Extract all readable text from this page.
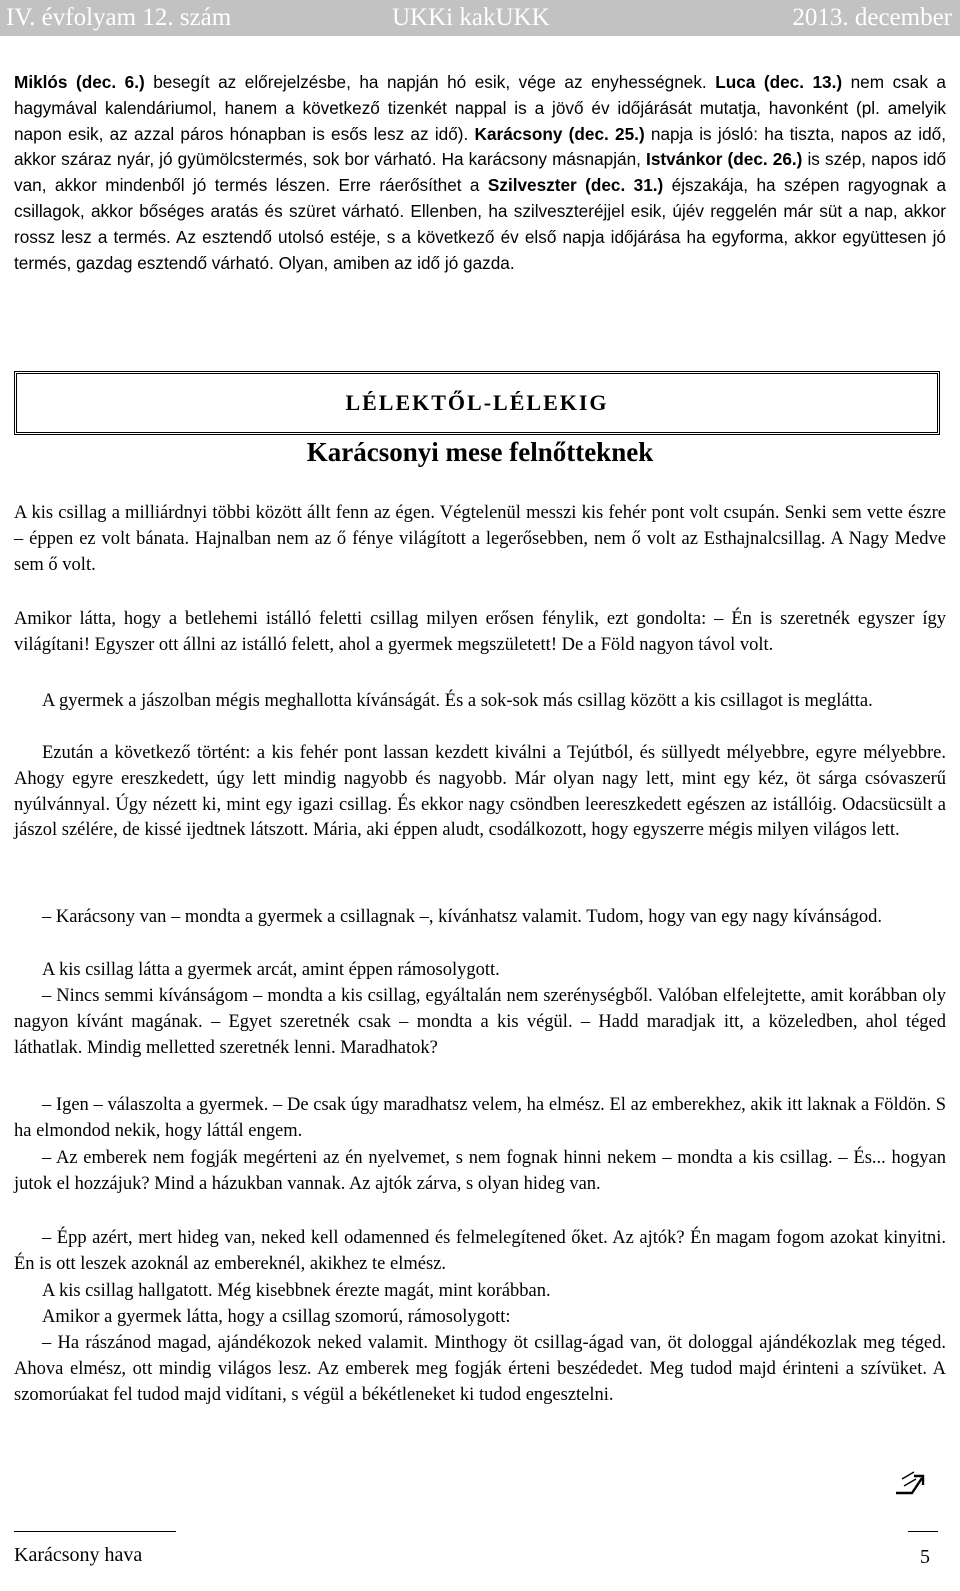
IV. évfolyam 12. szám	UKKi kakUKK	2013. december

Miklós (dec. 6.) besegít az előrejelzésbe, ha napján hó esik, vége az enyhességnek. Luca (dec. 13.) nem csak a hagymával kalendáriumol, hanem a következő tizenkét nappal is a jövő év időjárását mutatja, havonként (pl. amelyik napon esik, az azzal páros hónapban is esős lesz az idő). Karácsony (dec. 25.) napja is jósló: ha tiszta, napos az idő, akkor száraz nyár, jó gyümölcstermés, sok bor várható. Ha karácsony másnapján, Istvánkor (dec. 26.) is szép, napos idő van, akkor mindenből jó termés lészen. Erre ráerősíthet a Szilveszter (dec. 31.) éjszakája, ha szépen ragyognak a csillagok, akkor bőséges aratás és szüret várható. Ellenben, ha szilveszteréjjel esik, újév reggelén már süt a nap, akkor rossz lesz a termés. Az esztendő utolsó estéje, s a következő év első napja időjárása ha egyforma, akkor együttesen jó termés, gazdag esztendő várható. Olyan, amiben az idő jó gazda.

LÉLEKTŐL-LÉLEKIG
Karácsonyi mese felnőtteknek

A kis csillag a milliárdnyi többi között állt fenn az égen. Végtelenül messzi kis fehér pont volt csupán. Senki sem vette észre – éppen ez volt bánata. Hajnalban nem az ő fénye világított a legerősebben, nem ő volt az Esthajnalcsillag. A Nagy Medve sem ő volt.

Amikor látta, hogy a betlehemi istálló feletti csillag milyen erősen fénylik, ezt gondolta: – Én is szeretnék egyszer így világítani! Egyszer ott állni az istálló felett, ahol a gyermek megszületett! De a Föld nagyon távol volt.

A gyermek a jászolban mégis meghallotta kívánságát. És a sok-sok más csillag között a kis csillagot is meglátta.

Ezután a következő történt: a kis fehér pont lassan kezdett kiválni a Tejútból, és süllyedt mélyebbre, egyre mélyebbre. Ahogy egyre ereszkedett, úgy lett mindig nagyobb és nagyobb. Már olyan nagy lett, mint egy kéz, öt sárga csóvaszerű nyúlvánnyal. Úgy nézett ki, mint egy igazi csillag. És ekkor nagy csöndben leereszkedett egészen az istállóig. Odacsücsült a jászol szélére, de kissé ijedtnek látszott. Mária, aki éppen aludt, csodálkozott, hogy egyszerre mégis milyen világos lett.

– Karácsony van – mondta a gyermek a csillagnak –, kívánhatsz valamit. Tudom, hogy van egy nagy kívánságod.

A kis csillag látta a gyermek arcát, amint éppen rámosolygott.

– Nincs semmi kívánságom – mondta a kis csillag, egyáltalán nem szerénységből. Valóban elfelejtette, amit korábban oly nagyon kívánt magának. – Egyet szeretnék csak – mondta a kis végül. – Hadd maradjak itt, a közeledben, ahol téged láthatlak. Mindig melletted szeretnék lenni. Maradhatok?

– Igen – válaszolta a gyermek. – De csak úgy maradhatsz velem, ha elmész. El az emberekhez, akik itt laknak a Földön. S ha elmondod nekik, hogy láttál engem.

– Az emberek nem fogják megérteni az én nyelvemet, s nem fognak hinni nekem – mondta a kis csillag. – És... hogyan jutok el hozzájuk? Mind a házukban vannak. Az ajtók zárva, s olyan hideg van.

– Épp azért, mert hideg van, neked kell odamenned és felmelegítened őket. Az ajtók? Én magam fogom azokat kinyitni. Én is ott leszek azoknál az embereknél, akikhez te elmész.

A kis csillag hallgatott. Még kisebbnek érezte magát, mint korábban.

Amikor a gyermek látta, hogy a csillag szomorú, rámosolygott:

– Ha rászánod magad, ajándékozok neked valamit. Minthogy öt csillag-ágad van, öt dologgal ajándékozlak meg téged. Ahova elmész, ott mindig világos lesz. Az emberek meg fogják érteni beszédedet. Meg tudod majd érinteni a szívüket. A szomorúakat fel tudod majd vidítani, s végül a békétleneket ki tudod engesztelni.

Karácsony hava	5
